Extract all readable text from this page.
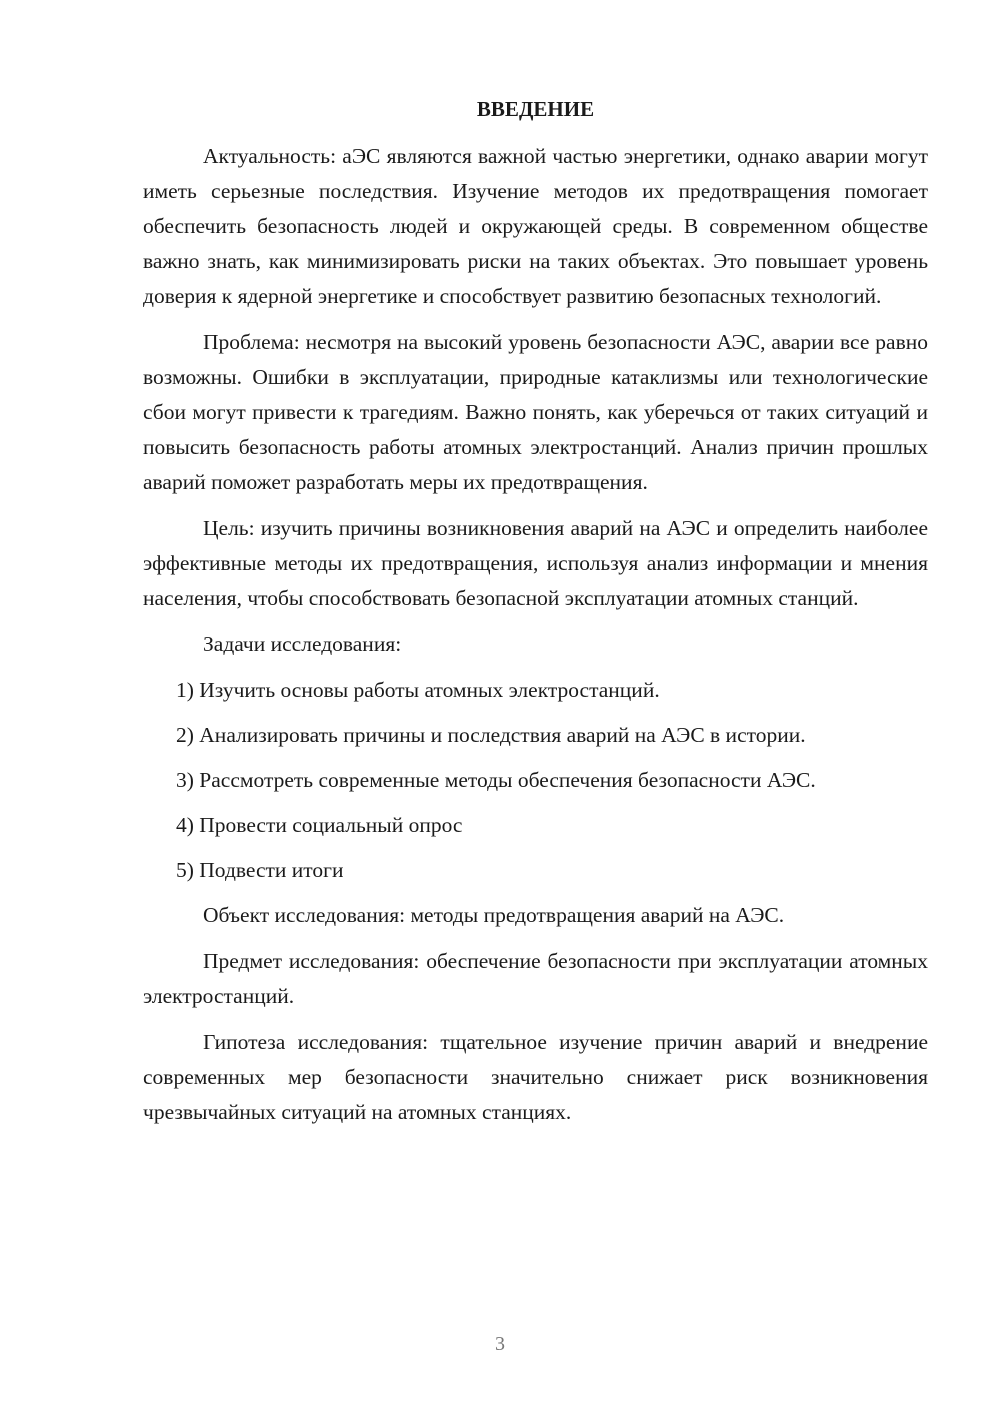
ВВЕДЕНИЕ

Актуальность: аЭС являются важной частью энергетики, однако аварии могут иметь серьезные последствия. Изучение методов их предотвращения помогает обеспечить безопасность людей и окружающей среды. В современном обществе важно знать, как минимизировать риски на таких объектах. Это повышает уровень доверия к ядерной энергетике и способствует развитию безопасных технологий.

Проблема: несмотря на высокий уровень безопасности АЭС, аварии все равно возможны. Ошибки в эксплуатации, природные катаклизмы или технологические сбои могут привести к трагедиям. Важно понять, как уберечься от таких ситуаций и повысить безопасность работы атомных электростанций. Анализ причин прошлых аварий поможет разработать меры их предотвращения.

Цель: изучить причины возникновения аварий на АЭС и определить наиболее эффективные методы их предотвращения, используя анализ информации и мнения населения, чтобы способствовать безопасной эксплуатации атомных станций.

Задачи исследования:

1) Изучить основы работы атомных электростанций.
2) Анализировать причины и последствия аварий на АЭС в истории.
3) Рассмотреть современные методы обеспечения безопасности АЭС.
4) Провести социальный опрос
5) Подвести итоги

Объект исследования: методы предотвращения аварий на АЭС.

Предмет исследования: обеспечение безопасности при эксплуатации атомных электростанций.

Гипотеза исследования: тщательное изучение причин аварий и внедрение современных мер безопасности значительно снижает риск возникновения чрезвычайных ситуаций на атомных станциях.

3
